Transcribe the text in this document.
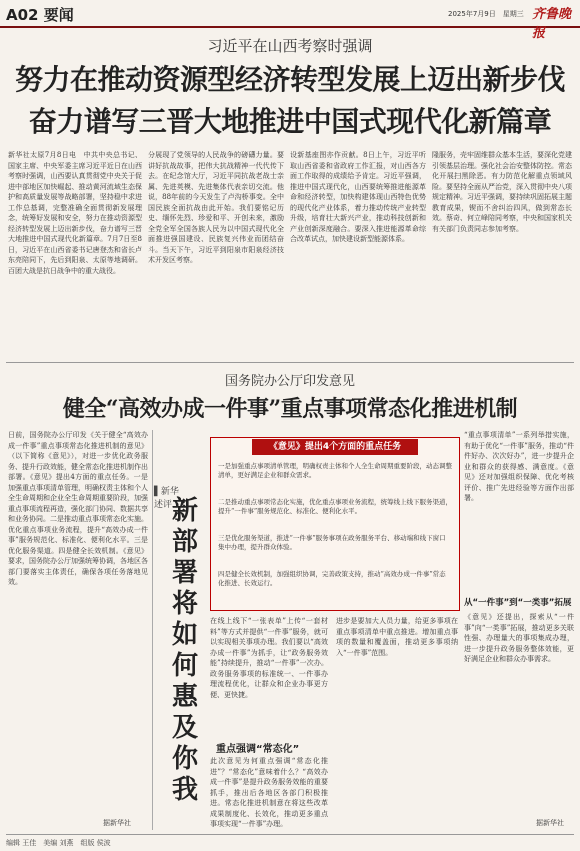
A02 要闻	2025年7月9日　星期三 齐鲁晚报
习近平在山西考察时强调
努力在推动资源型经济转型发展上迈出新步伐
奋力谱写三晋大地推进中国式现代化新篇章
新华社太原7月8日电　中共中央总书记、国家主席、中央军委主席习近平近日在山西考察时强调，山西要认真贯彻党中央关于促进中部地区加快崛起、推动黄河流域生态保护和高质量发展等战略部署，坚持稳中求进工作总基调，完整准确全面贯彻新发展理念，统筹好发展和安全，努力在推动资源型经济转型发展上迈出新步伐，奋力谱写三晋大地推进中国式现代化新篇章。7月7日至8日，习近平在山西省委书记唐登杰和省长卢东亮陪同下，先后到阳泉、太原等地调研。百团大战是抗日战争中的重大战役。
分展现了党领导的人民战争的磅礴力量。要讲好抗战故事，把伟大抗战精神一代代传下去。在纪念馆大厅，习近平同抗战老战士亲属、先进英模、先进集体代表亲切交流。他说，88年前的今天发生了卢沟桥事变。全中国民族全面抗战由此开始。我们要铭记历史、缅怀先烈、珍爱和平、开创未来，激励全党全军全国各族人民为以中国式现代化全面推进强国建设、民族复兴伟业而团结奋斗。当天下午，习近平到阳泉市阳泉经济技术开发区考察。
设新基座图亦作贡献。8日上午，习近平听取山西省委和省政府工作汇报，对山西各方面工作取得的成绩给予肯定。习近平强调，推进中国式现代化，山西要统筹推进能源革命和经济转型，加快构建体现山西特色优势的现代化产业体系，着力推动传统产业转型升级，培育壮大新兴产业，推动科技创新和产业创新深度融合。要深入推进能源革命综合改革试点，加快建设新型能源体系。
隆服务，壳牢固维群众基本生活，要深化党建引领基层治理。强化社会治安整体防控。常态化开展扫黑除恶。有力防范化解重点领域风险。要坚持全面从严治党，深入贯彻中央八项规定精神。习近平强调，要持续巩固拓展主题教育成果，锲而不舍纠治四风，做到常态长效。蔡奇、何立峰陪同考察，中央和国家机关有关部门负责同志参加考察。
国务院办公厅印发意见
健全“高效办成一件事”重点事项常态化推进机制
日前，国务院办公厅印发《关于健全“高效办成一件事”重点事项常态化推进机制的意见》（以下简称《意见》），对进一步优化政务服务、提升行政效能，健全常态化推进机制作出部署。《意见》提出4方面的重点任务。一是加强重点事项清单管理，明确权责主体和个人全生命周期和企业全生命周期重要阶段，加强重点事项流程再造，强化部门协同、数据共享和业务协同。二是推动重点事项常态化实施。优化重点事项业务流程，提升“高效办成一件事”服务规范化、标准化、便利化水平。三是优化服务渠道。四是健全长效机制。《意见》要求，国务院办公厅加强统筹协调，各地区各部门要落实主体责任，确保各项任务落地见效。
▌新华述评 新部署将如何惠及你我
《意见》提出4个方面的重点任务
一是加强重点事项清单管理，明确权责主体和个人全生命周期重要阶段，动态调整清单，更好满足企业和群众需求。
二是推动重点事项常态化实施，优化重点事项业务流程，统筹线上线下服务渠道，提升“一件事”服务规范化、标准化、便利化水平。
三是优化服务渠道，推进“一件事”服务事项在政务服务平台、移动端和线下窗口集中办理，提升群众体验。
四是健全长效机制，加强组织协调，完善政策支持，推动“高效办成一件事”常态化推进、长效运行。
在线上线下“一张表单”上传“一套材料”等方式并提供“一件事”服务，就可以实现相关事项办理。我们要以“高效办成一件事”为抓手，让“政务服务效能”持续提升，推动“一件事”一次办。政务服务事项的标准统一、一件事办理流程优化，让群众和企业办事更方便、更快捷。
重点强调“常态化”
此次意见为何重点强调“常态化推进”？“常态化”意味着什么？“高效办成一件事”是提升政务服务效能的重要抓手，推出后各地区各部门积极推进。常态化推进机制意在将这些改革成果制度化、长效化，推动更多重点事项实现“一件事”办理。
进步是要加大人员力量，给更多事项在重点事项清单中重点推进。增加重点事项的数量和覆盖面，推动更多事项纳入“一件事”范围。
“重点事项清单”一系列举措实施，有助于优化“一件事”服务，推动“件件好办、次次好办”，进一步提升企业和群众的获得感、满意度。《意见》还对加强组织保障、优化考核评价、推广先进经验等方面作出部署。
从“一件事”到“一类事”拓展
《意见》还提出，探索从“一件事”向“一类事”拓展，推动更多关联性强、办理量大的事项集成办理，进一步提升政务服务整体效能，更好满足企业和群众办事需求。
据新华社	据新华社
编辑 王佳　美编 刘燕　组版 侯波
